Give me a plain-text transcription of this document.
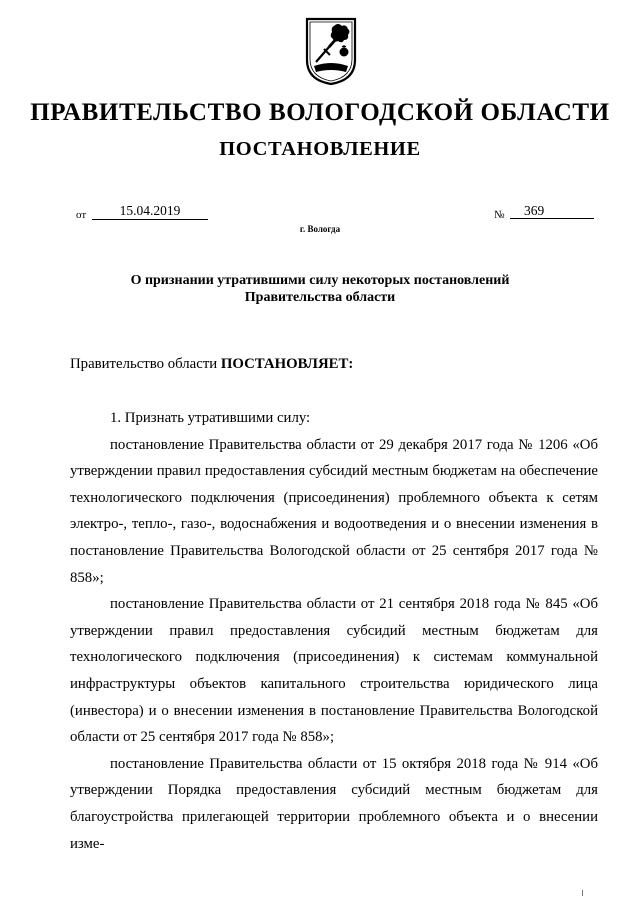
ПРАВИТЕЛЬСТВО ВОЛОГОДСКОЙ ОБЛАСТИ
ПОСТАНОВЛЕНИЕ
от	15.04.2019	№	369
г. Вологда
О признании утратившими силу некоторых постановлений
Правительства области
Правительство области ПОСТАНОВЛЯЕТ:

1. Признать утратившими силу:

постановление Правительства области от 29 декабря 2017 года № 1206 «Об утверждении правил предоставления субсидий местным бюджетам на обеспечение технологического подключения (присоединения) проблемного объекта к сетям электро-, тепло-, газо-, водоснабжения и водоотведения и о внесении изменения в постановление Правительства Вологодской области от 25 сентября 2017 года № 858»;

постановление Правительства области от 21 сентября 2018 года № 845 «Об утверждении правил предоставления субсидий местным бюджетам для технологического подключения (присоединения) к системам коммунальной инфраструктуры объектов капитального строительства юридического лица (инвестора) и о внесении изменения в постановление Правительства Вологодской области от 25 сентября 2017 года № 858»;

постановление Правительства области от 15 октября 2018 года № 914 «Об утверждении Порядка предоставления субсидий местным бюджетам для благоустройства прилегающей территории проблемного объекта и о внесении изме-
